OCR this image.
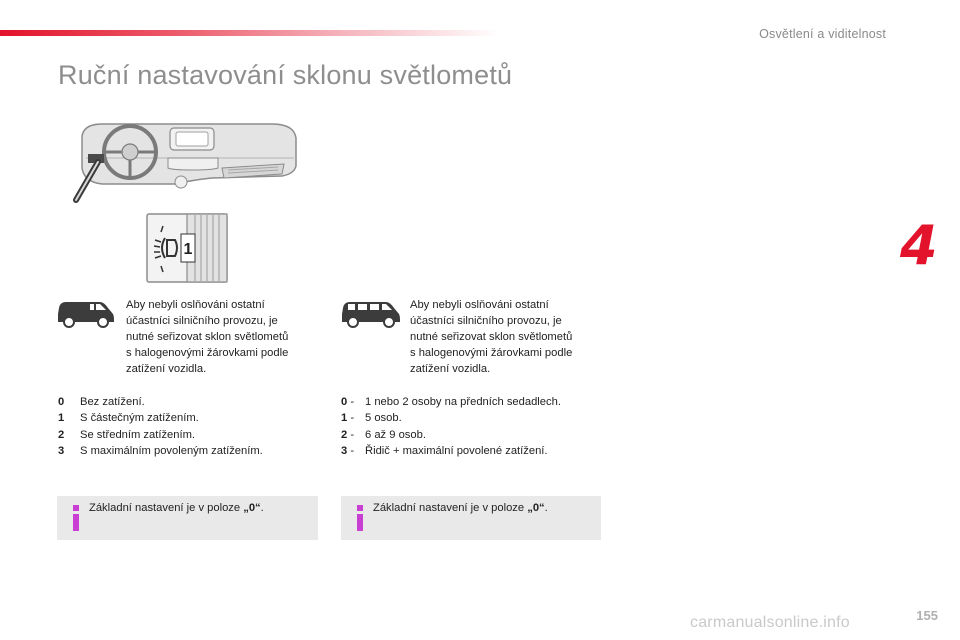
Osvětlení a viditelnost
Ruční nastavování sklonu světlometů
4
1
Aby nebyli oslňováni ostatní
účastníci silničního provozu, je
nutné seřizovat sklon světlometů
s halogenovými žárovkami podle
zatížení vozidla.
0	Bez zatížení.
1	S částečným zatížením.
2	Se středním zatížením.
3	S maximálním povoleným zatížením.
Základní nastavení je v poloze „0“.
Aby nebyli oslňováni ostatní
účastníci silničního provozu, je
nutné seřizovat sklon světlometů
s halogenovými žárovkami podle
zatížení vozidla.
0 - 1 nebo 2 osoby na předních sedadlech.
1 - 5 osob.
2 - 6 až 9 osob.
3 - Řidič + maximální povolené zatížení.
Základní nastavení je v poloze „0“.
155
carmanualsonline.info
